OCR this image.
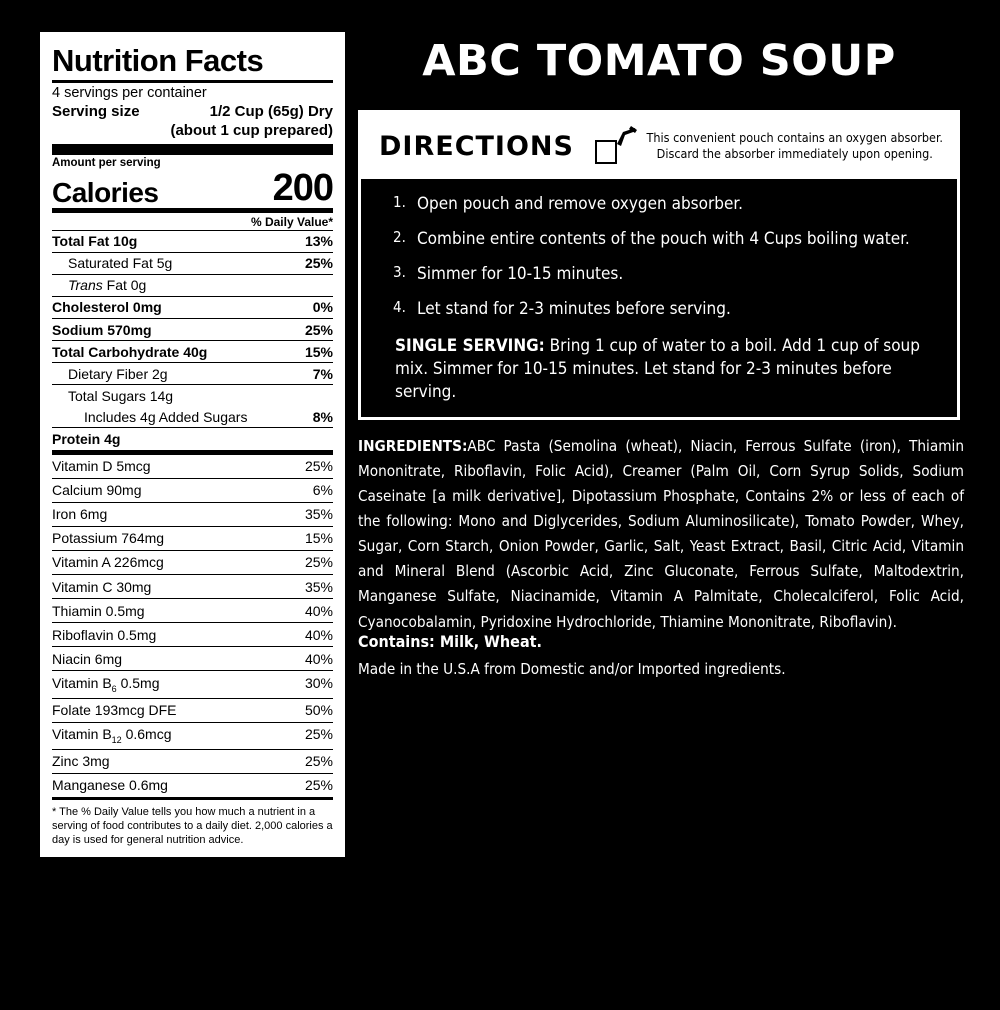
Nutrition Facts
4 servings per container
Serving size	1/2 Cup (65g) Dry
(about 1 cup prepared)
Amount per serving
Calories	200
% Daily Value*
Total Fat 10g	13%
Saturated Fat 5g	25%
Trans Fat 0g
Cholesterol 0mg	0%
Sodium 570mg	25%
Total Carbohydrate 40g	15%
Dietary Fiber 2g	7%
Total Sugars 14g
Includes 4g Added Sugars	8%
Protein 4g
Vitamin D 5mcg	25%
Calcium 90mg	6%
Iron 6mg	35%
Potassium 764mg	15%
Vitamin A 226mcg	25%
Vitamin C 30mg	35%
Thiamin 0.5mg	40%
Riboflavin 0.5mg	40%
Niacin 6mg	40%
Vitamin $B_6$ 0.5mg	30%
Folate 193mcg DFE	50%
Vitamin $B_{12}$ 0.6mcg	25%
Zinc 3mg	25%
Manganese 0.6mg	25%
* The % Daily Value tells you how much a nutrient in a serving of food contributes to a daily diet. 2,000 calories a day is used for general nutrition advice.
ABC TOMATO SOUP
DIRECTIONS	This convenient pouch contains an oxygen absorber.
Discard the absorber immediately upon opening.
Open pouch and remove oxygen absorber.
Combine entire contents of the pouch with 4 Cups boiling water.
Simmer for 10-15 minutes.
Let stand for 2-3 minutes before serving.
SINGLE SERVING: Bring 1 cup of water to a boil. Add 1 cup of soup mix. Simmer for 10-15 minutes. Let stand for 2-3 minutes before serving.
INGREDIENTS:ABC Pasta (Semolina (wheat), Niacin, Ferrous Sulfate (iron), Thiamin Mononitrate, Riboflavin, Folic Acid), Creamer (Palm Oil, Corn Syrup Solids, Sodium Caseinate [a milk derivative], Dipotassium Phosphate, Contains 2% or less of each of the following: Mono and Diglycerides, Sodium Aluminosilicate), Tomato Powder, Whey, Sugar, Corn Starch, Onion Powder, Garlic, Salt, Yeast Extract, Basil, Citric Acid, Vitamin and Mineral Blend (Ascorbic Acid, Zinc Gluconate, Ferrous Sulfate, Maltodextrin, Manganese Sulfate, Niacinamide, Vitamin A Palmitate, Cholecalciferol, Folic Acid, Cyanocobalamin, Pyridoxine Hydrochloride, Thiamine Mononitrate, Riboflavin).
Contains: Milk, Wheat.
Made in the U.S.A from Domestic and/or Imported ingredients.
